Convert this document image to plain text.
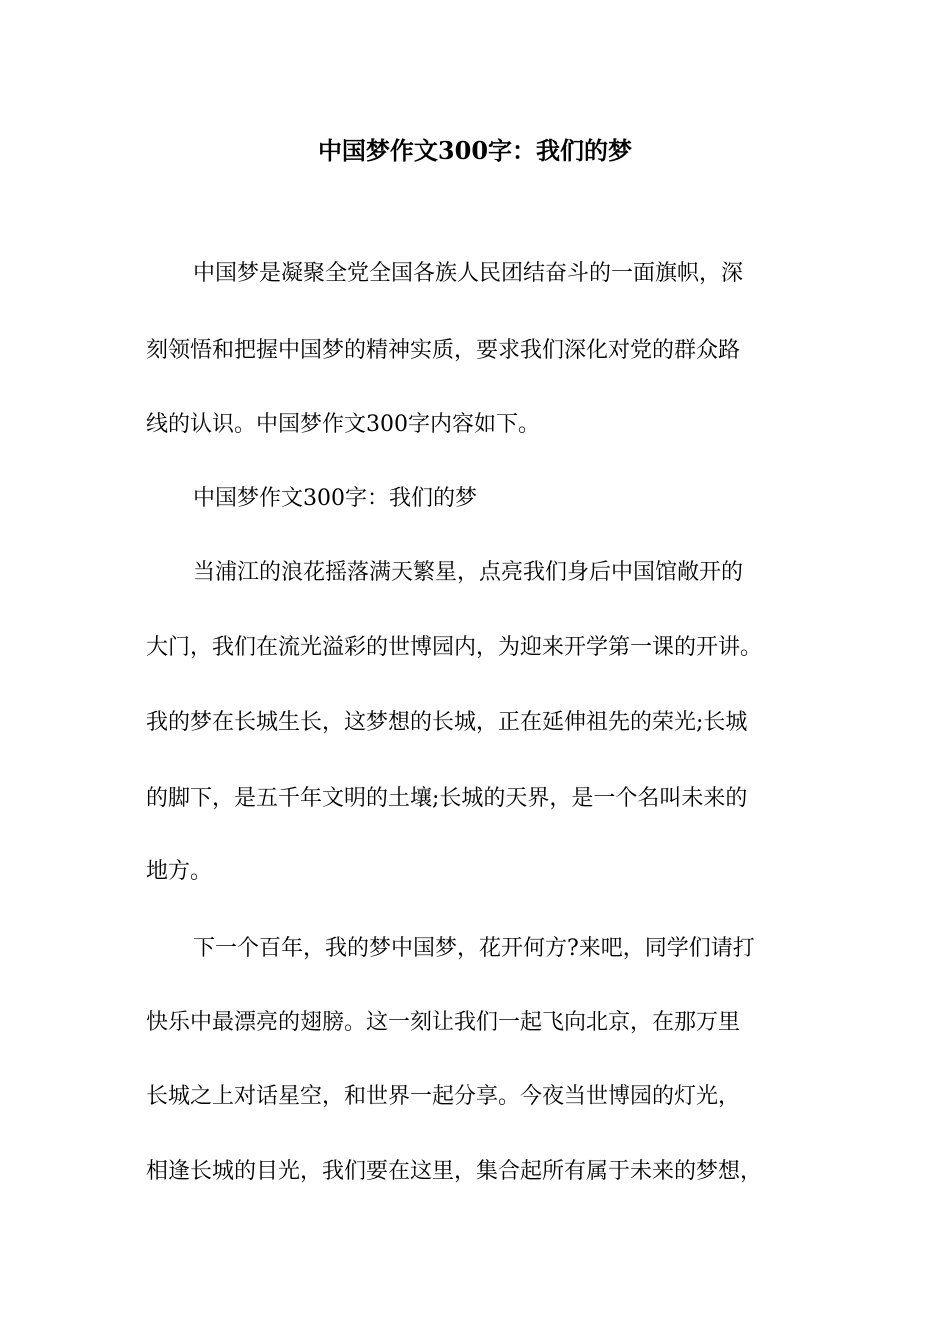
中国梦作文300字：我们的梦

中国梦是凝聚全党全国各族人民团结奋斗的一面旗帜，深

刻领悟和把握中国梦的精神实质，要求我们深化对党的群众路

线的认识。中国梦作文300字内容如下。

中国梦作文300字：我们的梦

当浦江的浪花摇落满天繁星，点亮我们身后中国馆敞开的

大门，我们在流光溢彩的世博园内，为迎来开学第一课的开讲。

我的梦在长城生长，这梦想的长城，正在延伸祖先的荣光;长城

的脚下，是五千年文明的土壤;长城的天界，是一个名叫未来的

地方。

下一个百年，我的梦中国梦，花开何方?来吧，同学们请打

快乐中最漂亮的翅膀。这一刻让我们一起飞向北京，在那万里

长城之上对话星空，和世界一起分享。今夜当世博园的灯光，

相逢长城的目光，我们要在这里，集合起所有属于未来的梦想，
